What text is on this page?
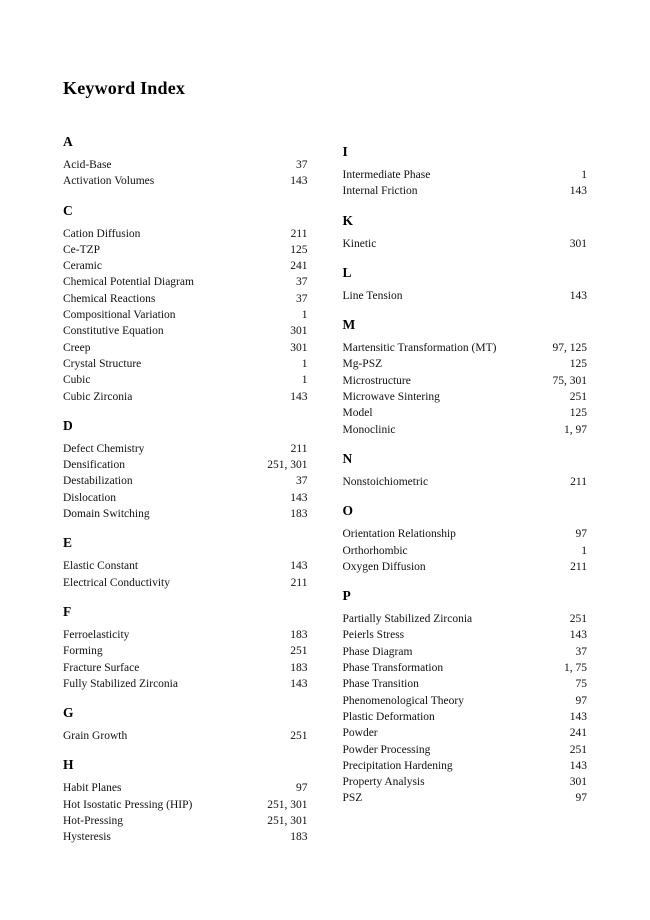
Keyword Index
A
Acid-Base	37
Activation Volumes	143
C
Cation Diffusion	211
Ce-TZP	125
Ceramic	241
Chemical Potential Diagram	37
Chemical Reactions	37
Compositional Variation	1
Constitutive Equation	301
Creep	301
Crystal Structure	1
Cubic	1
Cubic Zirconia	143
D
Defect Chemistry	211
Densification	251, 301
Destabilization	37
Dislocation	143
Domain Switching	183
E
Elastic Constant	143
Electrical Conductivity	211
F
Ferroelasticity	183
Forming	251
Fracture Surface	183
Fully Stabilized Zirconia	143
G
Grain Growth	251
H
Habit Planes	97
Hot Isostatic Pressing (HIP)	251, 301
Hot-Pressing	251, 301
Hysteresis	183
I
Intermediate Phase	1
Internal Friction	143
K
Kinetic	301
L
Line Tension	143
M
Martensitic Transformation (MT)	97, 125
Mg-PSZ	125
Microstructure	75, 301
Microwave Sintering	251
Model	125
Monoclinic	1, 97
N
Nonstoichiometric	211
O
Orientation Relationship	97
Orthorhombic	1
Oxygen Diffusion	211
P
Partially Stabilized Zirconia	251
Peierls Stress	143
Phase Diagram	37
Phase Transformation	1, 75
Phase Transition	75
Phenomenological Theory	97
Plastic Deformation	143
Powder	241
Powder Processing	251
Precipitation Hardening	143
Property Analysis	301
PSZ	97
